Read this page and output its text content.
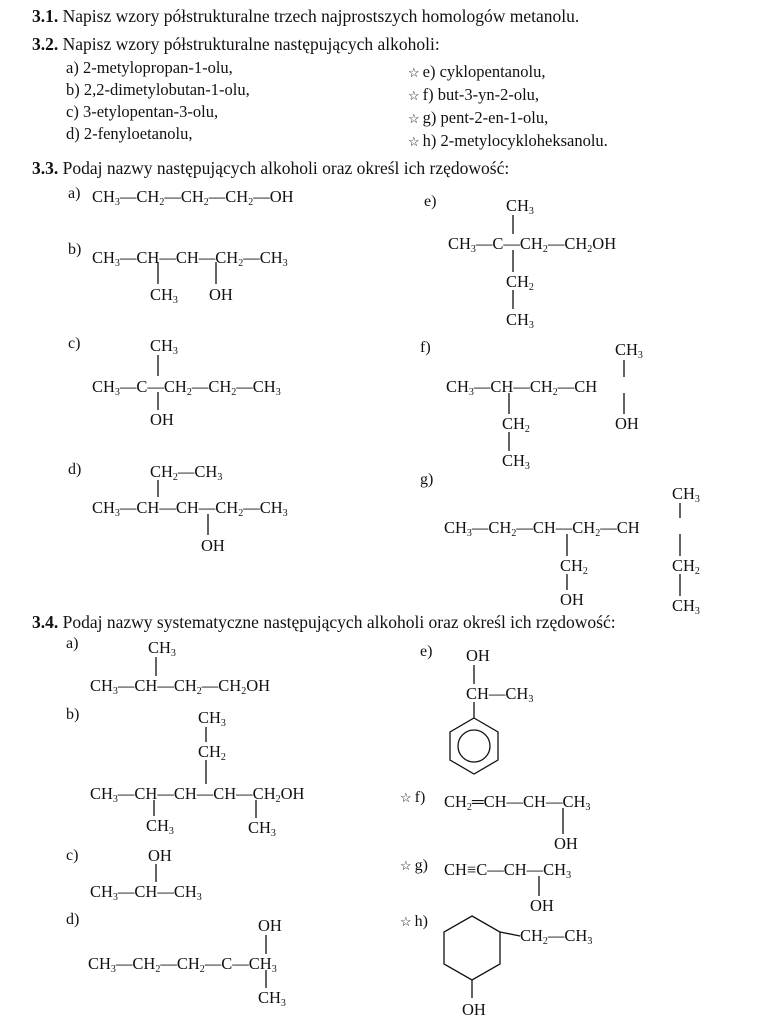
3.1. Napisz wzory półstrukturalne trzech najprostszych homologów metanolu.
3.2. Napisz wzory półstrukturalne następujących alkoholi:
a) 2-metylopropan-1-olu,
b) 2,2-dimetylobutan-1-olu,
c) 3-etylopentan-3-olu,
d) 2-fenyloetanolu,
☆ e) cyklopentanolu,
☆ f) but-3-yn-2-olu,
☆ g) pent-2-en-1-olu,
☆ h) 2-metylocykloheksanolu.
3.3. Podaj nazwy następujących alkoholi oraz określ ich rzędowość:
a)
b)
c)
d)
e)
f)
g)
$CH_3—CH_2—CH_2—CH_2—OH$
$CH_3—CH—CH—CH_2—CH_3$
$CH_3$ OH
$CH_3$
$CH_3—C—CH_2—CH_2—CH_3$
OH
$CH_2—CH_3$
$CH_3—CH—CH—CH_2—CH_3$
OH
$CH_3$
$CH_3—C—CH_2—CH_2OH$
$CH_2$
$CH_3$
$CH_3$
$CH_3—CH—CH_2—CH$
$CH_2$	OH
$CH_3$
$CH_3$
$CH_3—CH_2—CH—CH_2—CH$
$CH_2$	$CH_2$
OH	$CH_3$
3.4. Podaj nazwy systematyczne następujących alkoholi oraz określ ich rzędowość:
a)
b)
c)
d)
e)
☆ f)
☆ g)
☆ h)
$CH_3$
$CH_3—CH—CH_2—CH_2OH$
$CH_3$
$CH_2$
$CH_3—CH—CH—CH—CH_2OH$
$CH_3$	$CH_3$
OH
$CH_3—CH—CH_3$
OH
$CH_3—CH_2—CH_2—C—CH_3$
$CH_3$
OH
$CH—CH_3$
$CH_2═CH—CH—CH_3$
OH
$CH\equiv C—CH—CH_3$
OH
$CH_2—CH_3$
OH
